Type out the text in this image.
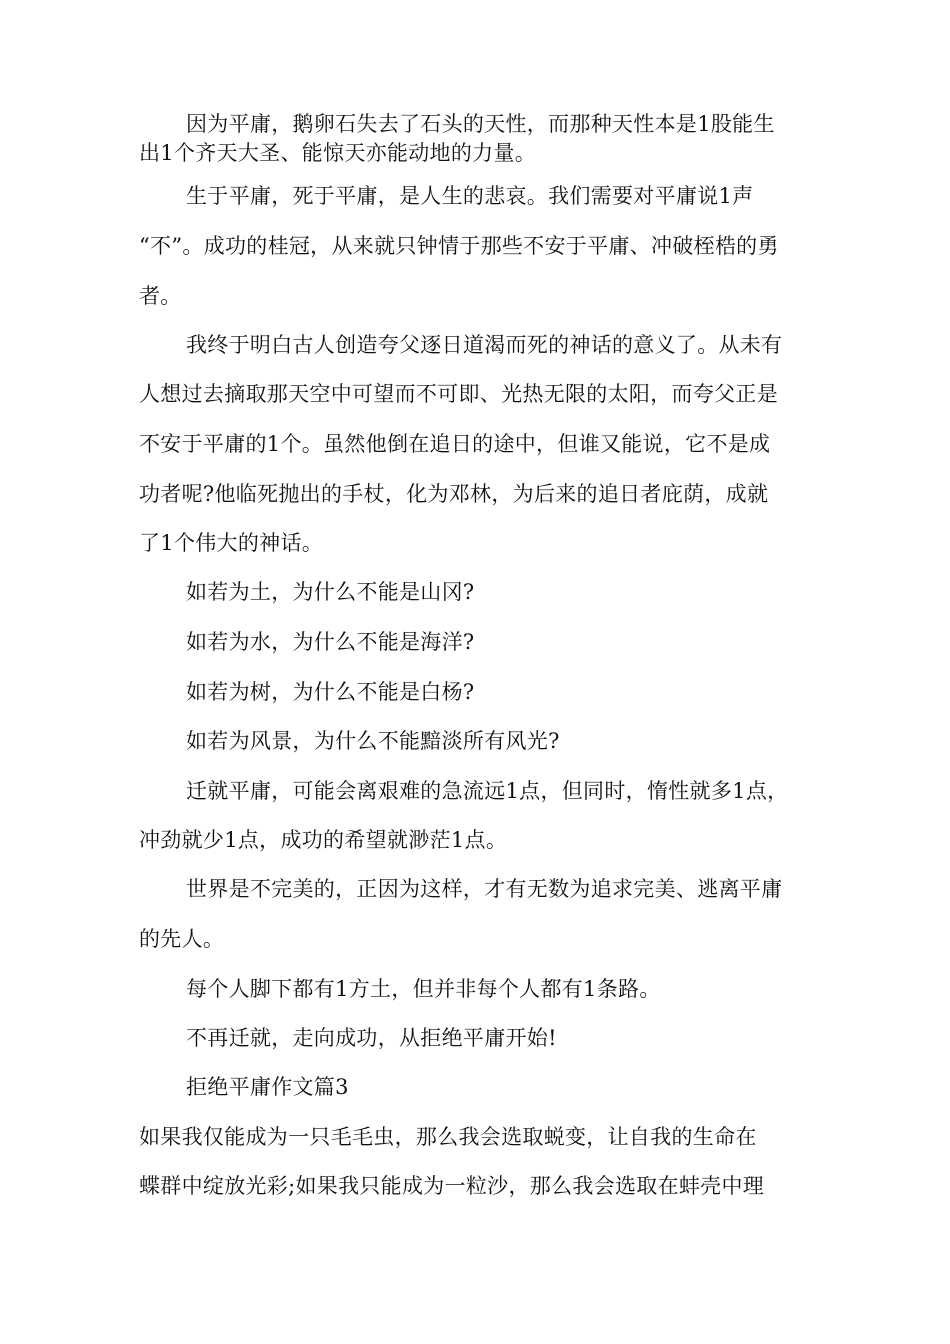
因为平庸，鹅卵石失去了石头的天性，而那种天性本是1股能生
出1个齐天大圣、能惊天亦能动地的力量。
生于平庸，死于平庸，是人生的悲哀。我们需要对平庸说1声
“不”。成功的桂冠，从来就只钟情于那些不安于平庸、冲破桎梏的勇
者。
我终于明白古人创造夸父逐日道渴而死的神话的意义了。从未有
人想过去摘取那天空中可望而不可即、光热无限的太阳，而夸父正是
不安于平庸的1个。虽然他倒在追日的途中，但谁又能说，它不是成
功者呢?他临死抛出的手杖，化为邓林，为后来的追日者庇荫，成就
了1个伟大的神话。
如若为土，为什么不能是山冈?
如若为水，为什么不能是海洋?
如若为树，为什么不能是白杨?
如若为风景，为什么不能黯淡所有风光?
迁就平庸，可能会离艰难的急流远1点，但同时，惰性就多1点，
冲劲就少1点，成功的希望就渺茫1点。
世界是不完美的，正因为这样，才有无数为追求完美、逃离平庸
的先人。
每个人脚下都有1方土，但并非每个人都有1条路。
不再迁就，走向成功，从拒绝平庸开始!
拒绝平庸作文篇3
如果我仅能成为一只毛毛虫，那么我会选取蜕变，让自我的生命在
蝶群中绽放光彩;如果我只能成为一粒沙，那么我会选取在蚌壳中理
